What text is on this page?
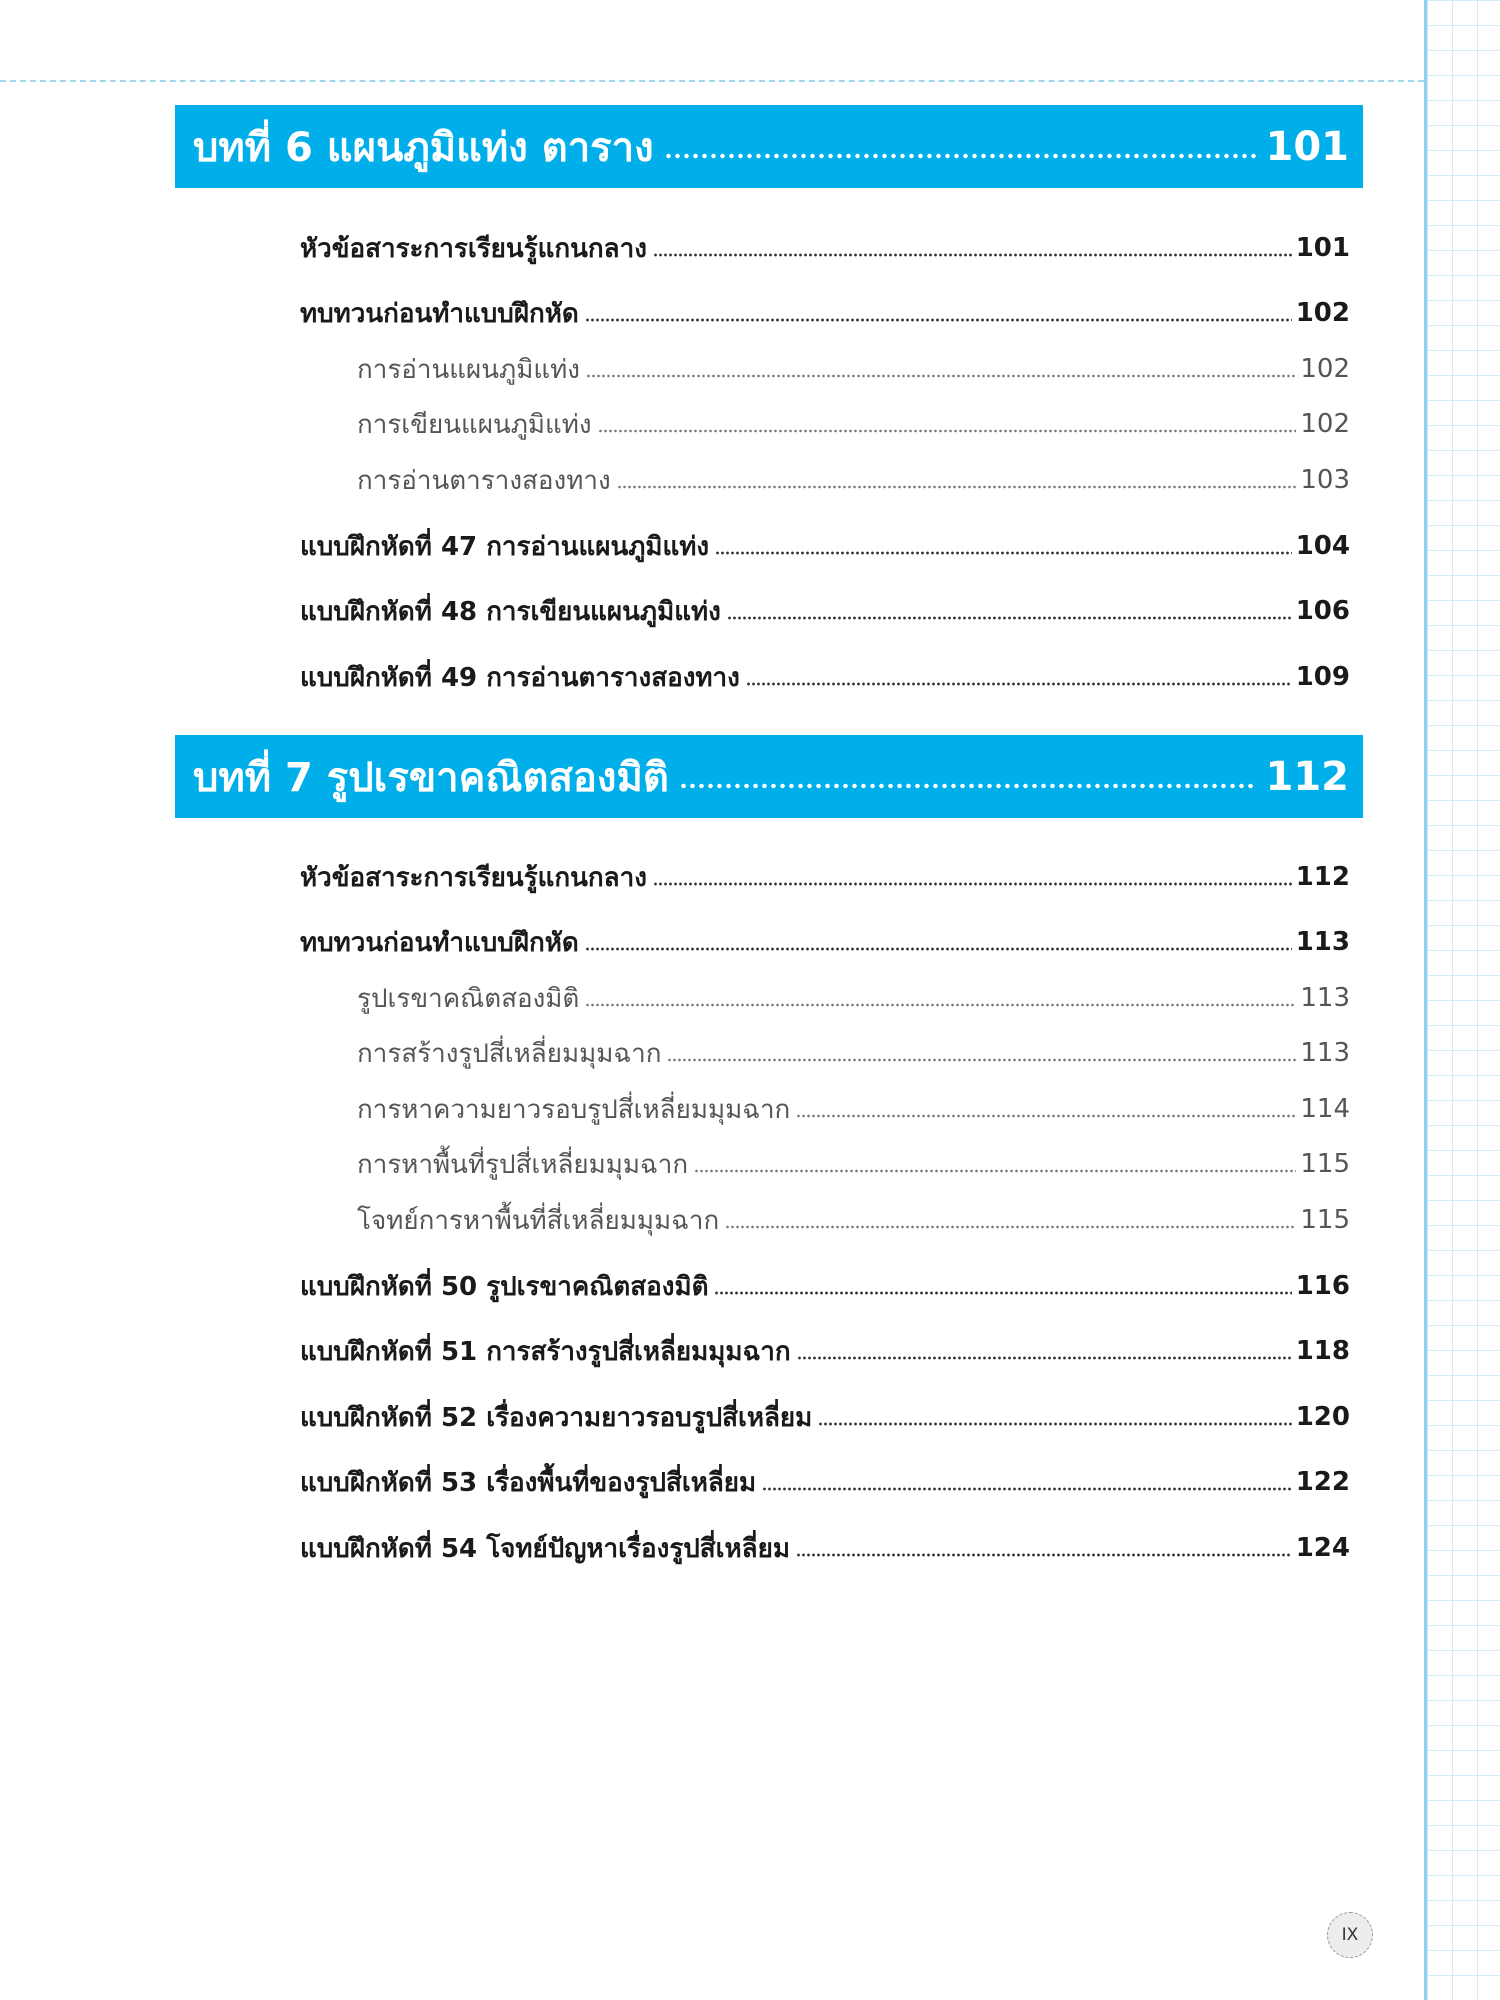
บทที่ 6 แผนภูมิแท่ง ตาราง	101
หัวข้อสาระการเรียนรู้แกนกลาง	101
ทบทวนก่อนทำแบบฝึกหัด	102
การอ่านแผนภูมิแท่ง	102
การเขียนแผนภูมิแท่ง	102
การอ่านตารางสองทาง	103
แบบฝึกหัดที่ 47 การอ่านแผนภูมิแท่ง	104
แบบฝึกหัดที่ 48 การเขียนแผนภูมิแท่ง	106
แบบฝึกหัดที่ 49 การอ่านตารางสองทาง	109
บทที่ 7 รูปเรขาคณิตสองมิติ	112
หัวข้อสาระการเรียนรู้แกนกลาง	112
ทบทวนก่อนทำแบบฝึกหัด	113
รูปเรขาคณิตสองมิติ	113
การสร้างรูปสี่เหลี่ยมมุมฉาก	113
การหาความยาวรอบรูปสี่เหลี่ยมมุมฉาก	114
การหาพื้นที่รูปสี่เหลี่ยมมุมฉาก	115
โจทย์การหาพื้นที่สี่เหลี่ยมมุมฉาก	115
แบบฝึกหัดที่ 50 รูปเรขาคณิตสองมิติ	116
แบบฝึกหัดที่ 51 การสร้างรูปสี่เหลี่ยมมุมฉาก	118
แบบฝึกหัดที่ 52 เรื่องความยาวรอบรูปสี่เหลี่ยม	120
แบบฝึกหัดที่ 53 เรื่องพื้นที่ของรูปสี่เหลี่ยม	122
แบบฝึกหัดที่ 54 โจทย์ปัญหาเรื่องรูปสี่เหลี่ยม	124
IX
